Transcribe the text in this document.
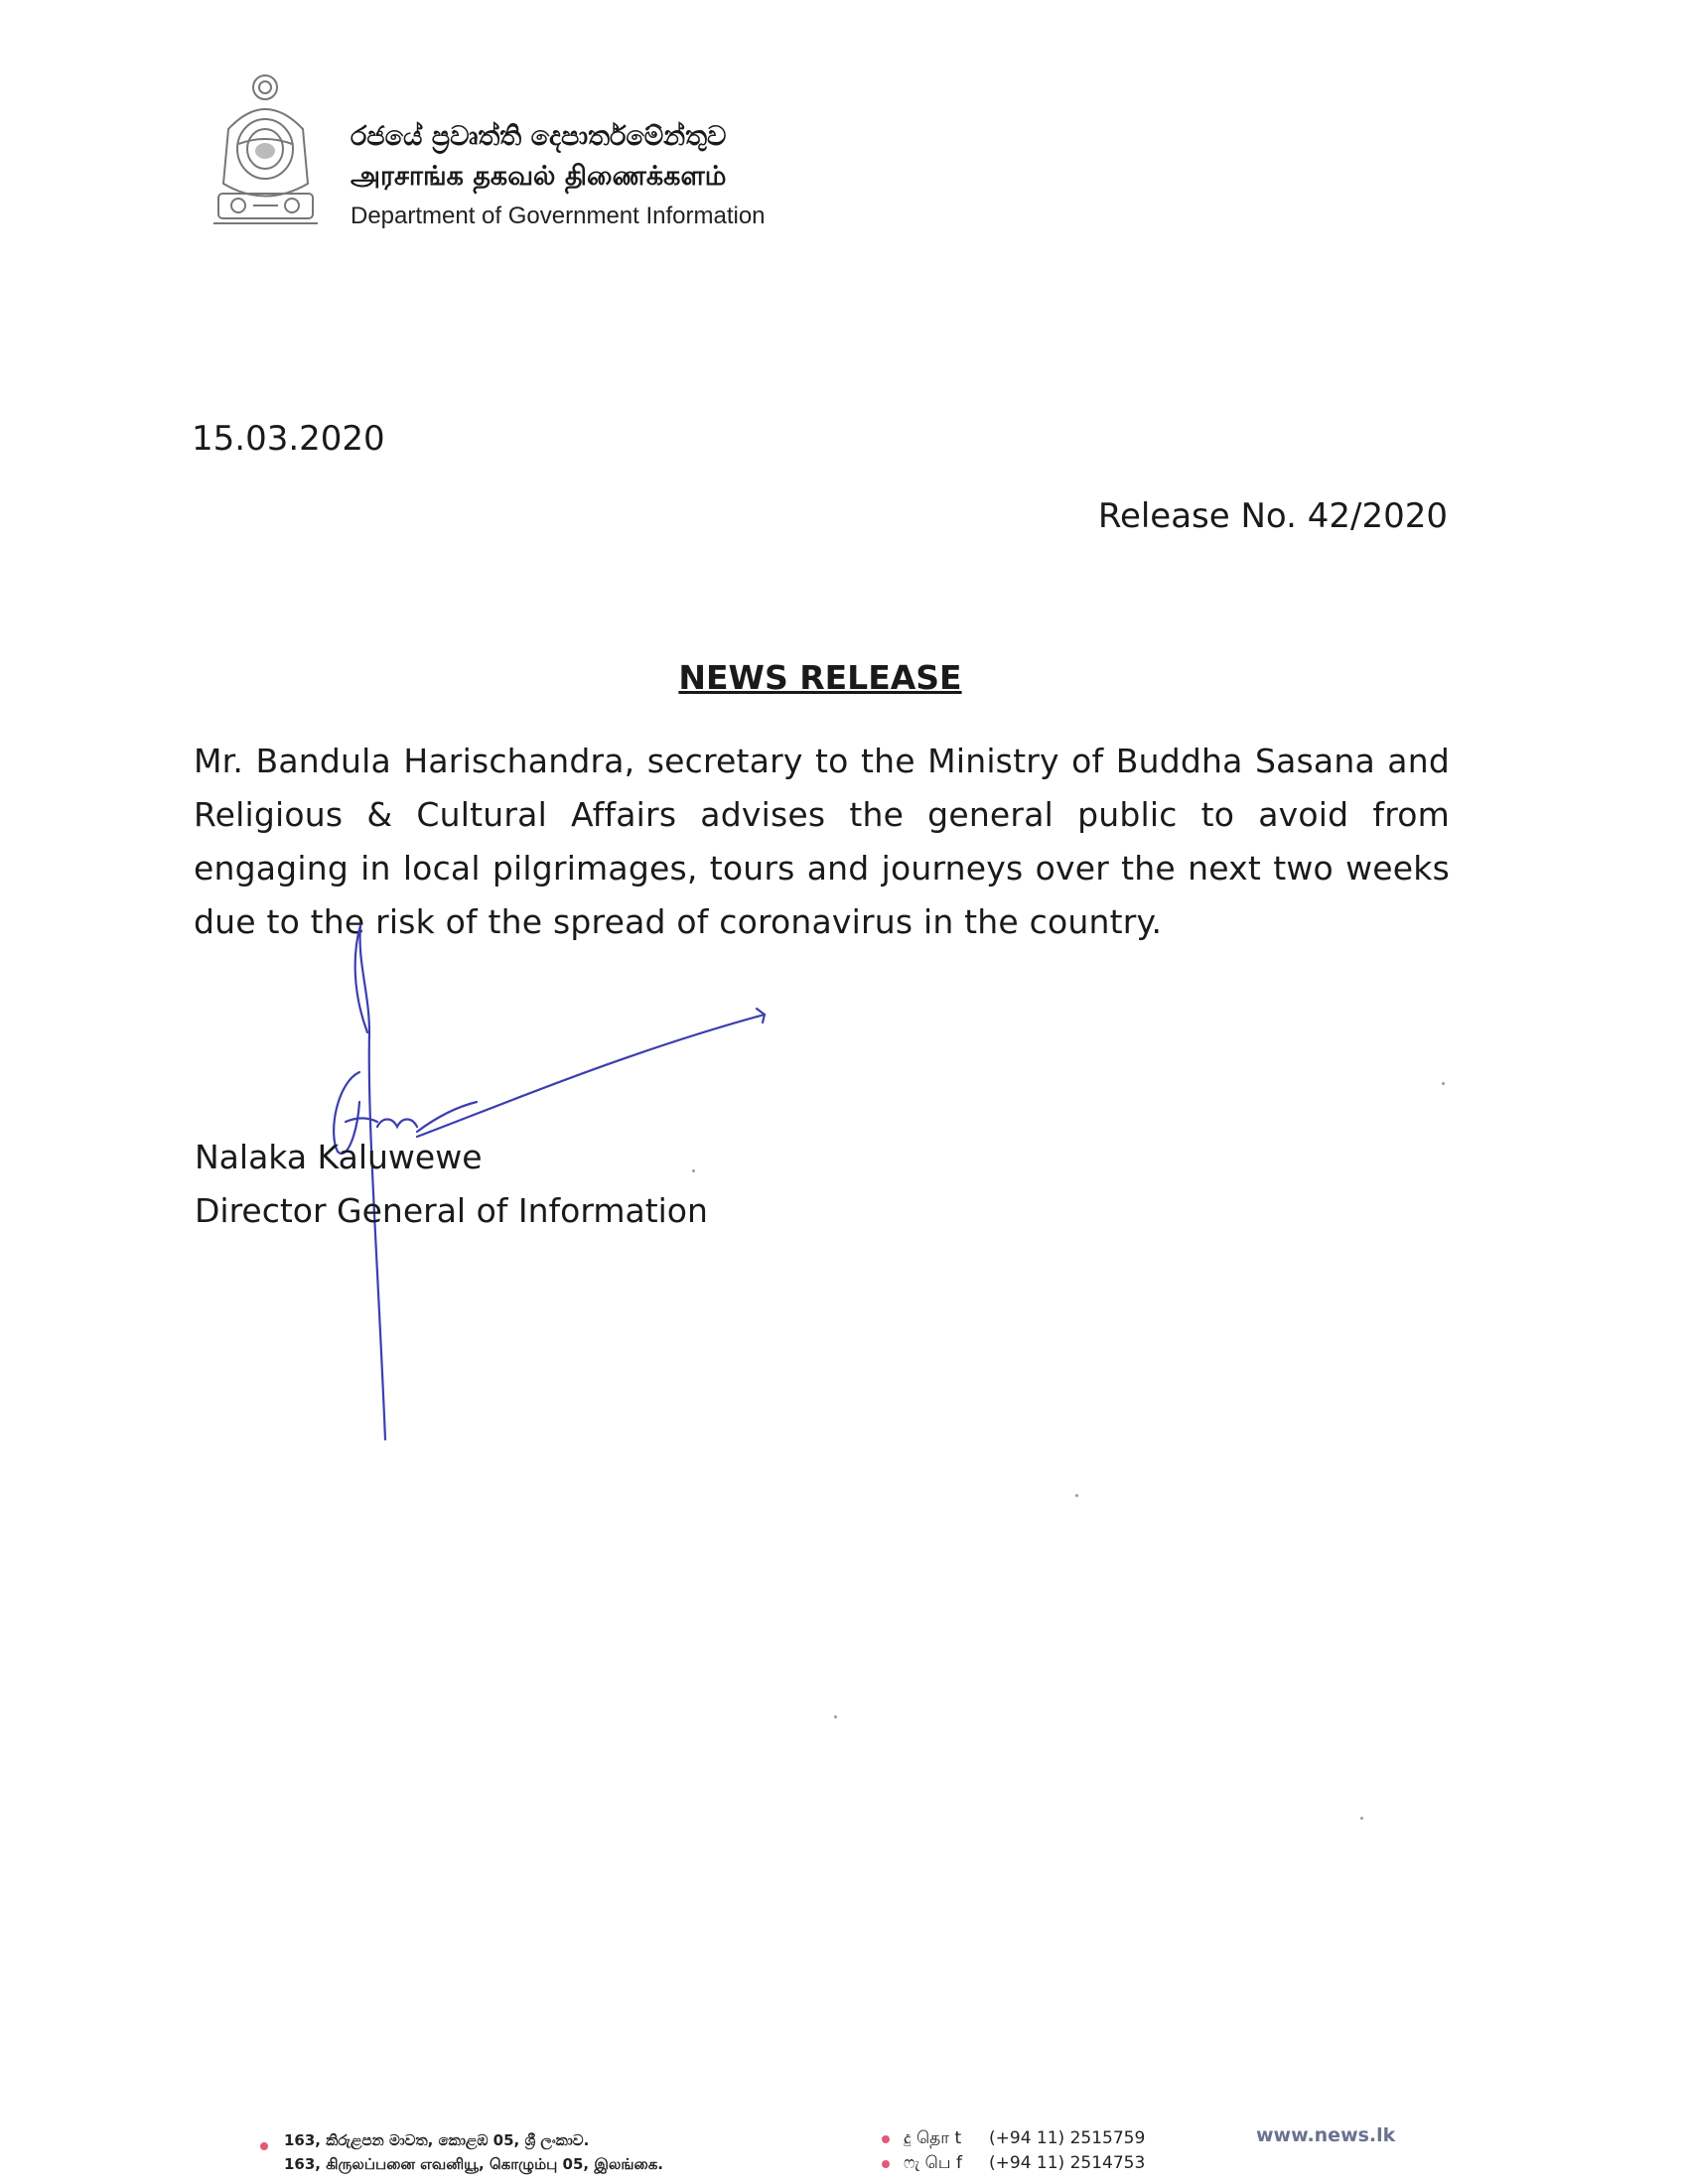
රජයේ ප්‍රවෘත්ති දෙපාර්තමේන්තුව
அரசாங்க தகவல் திணைக்களம்
Department of Government Information
15.03.2020
Release No. 42/2020
NEWS RELEASE
Mr. Bandula Harischandra, secretary to the Ministry of Buddha Sasana and Religious & Cultural Affairs advises the general public to avoid from engaging in local pilgrimages, tours and journeys over the next two weeks due to the risk of the spread of coronavirus in the country.
Nalaka Kaluwewe
Director General of Information
163, කිරුළපන මාවත, කොළඹ 05, ශ්‍රී ලංකාව.
163, கிருலப்பனை எவனியூ, கொழும்பு 05, இலங்கை.
දු தொ t (+94 11) 2515759
ෆැ பெ f (+94 11) 2514753
www.news.lk
